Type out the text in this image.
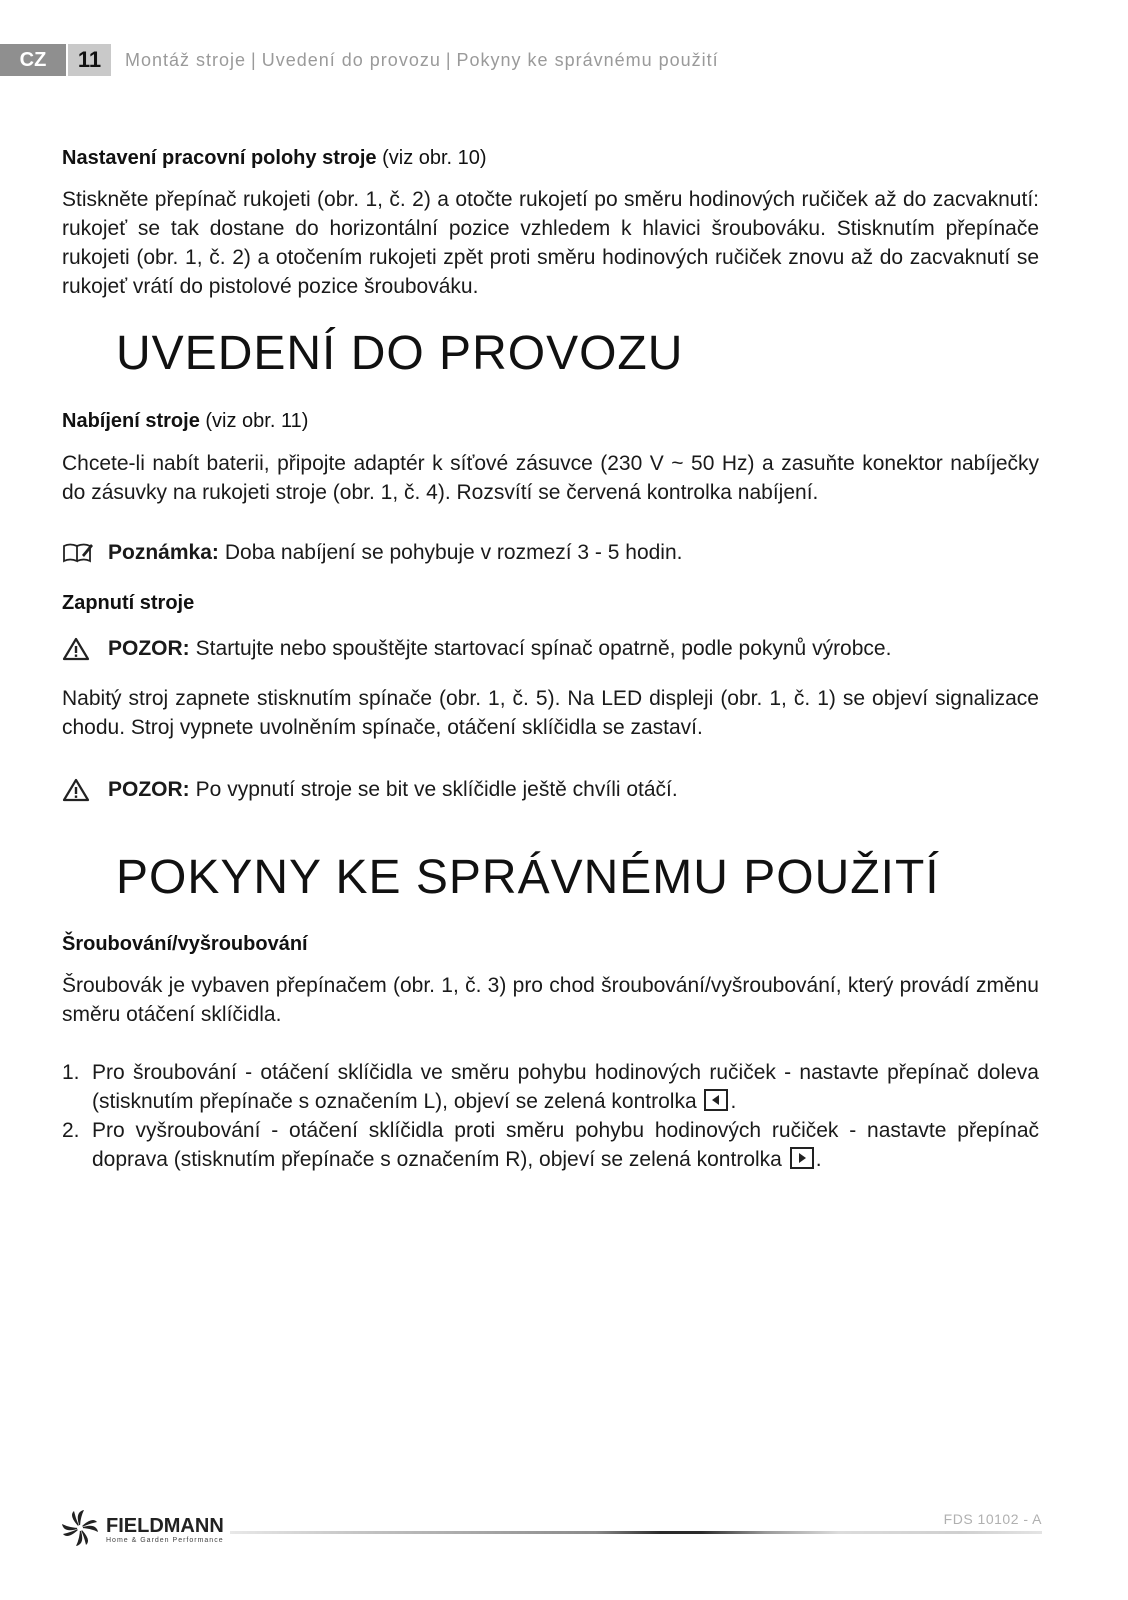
CZ	11	Montáž stroje | Uvedení do provozu | Pokyny ke správnému použití
Nastavení pracovní polohy stroje (viz obr. 10)
Stiskněte přepínač rukojeti (obr. 1, č. 2) a otočte rukojetí po směru hodinových ručiček až do zacvaknutí: rukojeť se tak dostane do horizontální pozice vzhledem k hlavici šroubováku. Stisknutím přepínače rukojeti (obr. 1, č. 2) a otočením rukojeti zpět proti směru hodinových ručiček znovu až do zacvaknutí se rukojeť vrátí do pistolové pozice šroubováku.
UVEDENÍ DO PROVOZU
Nabíjení stroje (viz obr. 11)
Chcete-li nabít baterii, připojte adaptér k síťové zásuvce (230 V ~ 50 Hz) a zasuňte konektor nabíječky do zásuvky na rukojeti stroje (obr. 1, č. 4). Rozsvítí se červená kontrolka nabíjení.
Poznámka: Doba nabíjení se pohybuje v rozmezí 3 - 5 hodin.
Zapnutí stroje
POZOR: Startujte nebo spouštějte startovací spínač opatrně, podle pokynů výrobce.
Nabitý stroj zapnete stisknutím spínače (obr. 1, č. 5). Na LED displeji (obr. 1, č. 1) se objeví signalizace chodu. Stroj vypnete uvolněním spínače, otáčení sklíčidla se zastaví.
POZOR: Po vypnutí stroje se bit ve sklíčidle ještě chvíli otáčí.
POKYNY KE SPRÁVNÉMU POUŽITÍ
Šroubování/vyšroubování
Šroubovák je vybaven přepínačem (obr. 1, č. 3) pro chod šroubování/vyšroubování, který provádí změnu směru otáčení sklíčidla.
1. Pro šroubování - otáčení sklíčidla ve směru pohybu hodinových ručiček - nastavte přepínač doleva (stisknutím přepínače s označením L), objeví se zelená kontrolka .
2. Pro vyšroubování - otáčení sklíčidla proti směru pohybu hodinových ručiček - nastavte přepínač doprava (stisknutím přepínače s označením R), objeví se zelená kontrolka .
FIELDMANN
Home & Garden Performance
FDS 10102 - A
